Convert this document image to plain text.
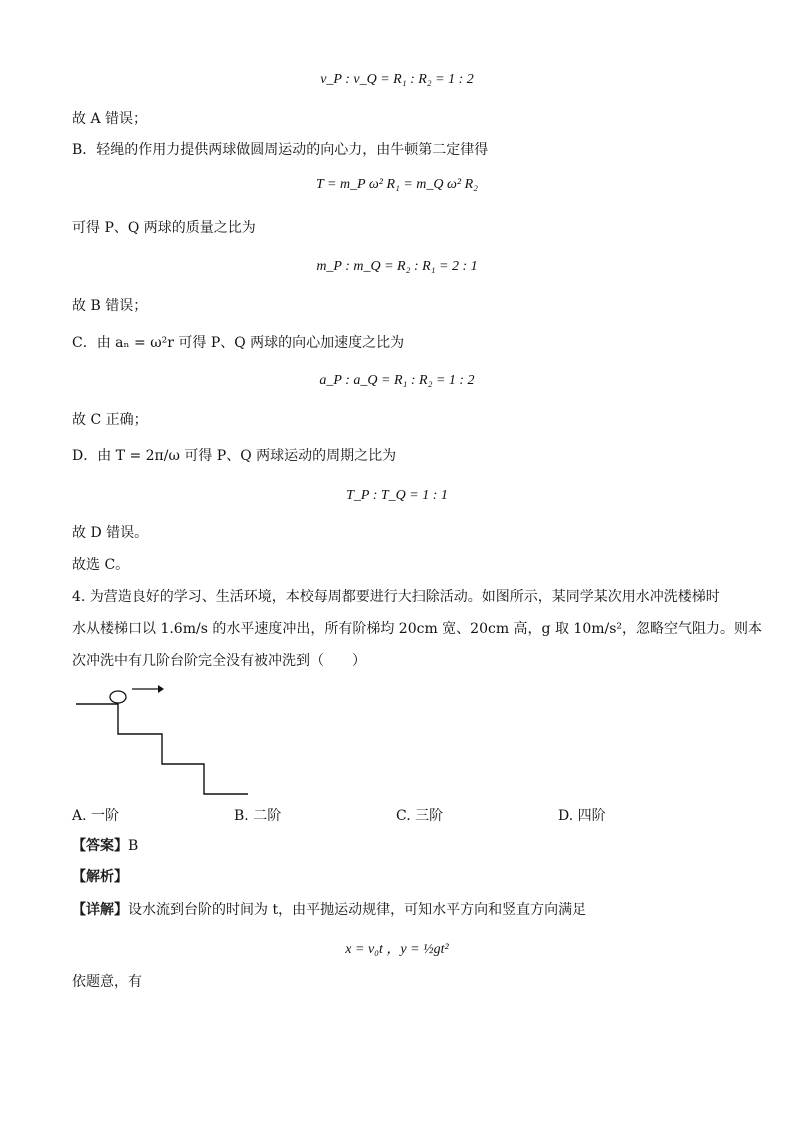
v_P : v_Q = R₁ : R₂ = 1 : 2
故 A 错误；
B．轻绳的作用力提供两球做圆周运动的向心力，由牛顿第二定律得
T = m_P ω² R₁ = m_Q ω² R₂
可得 P、Q 两球的质量之比为
m_P : m_Q = R₂ : R₁ = 2 : 1
故 B 错误；
C．由 aₙ = ω²r 可得 P、Q 两球的向心加速度之比为
a_P : a_Q = R₁ : R₂ = 1 : 2
故 C 正确；
D．由 T = 2π/ω 可得 P、Q 两球运动的周期之比为
T_P : T_Q = 1 : 1
故 D 错误。
故选 C。
4. 为营造良好的学习、生活环境，本校每周都要进行大扫除活动。如图所示，某同学某次用水冲洗楼梯时
水从楼梯口以 1.6m/s 的水平速度冲出，所有阶梯均 20cm 宽、20cm 高，g 取 10m/s²，忽略空气阻力。则本
次冲洗中有几阶台阶完全没有被冲洗到（　　）
A. 一阶	B. 二阶	C. 三阶	D. 四阶
【答案】B
【解析】
【详解】设水流到台阶的时间为 t，由平抛运动规律，可知水平方向和竖直方向满足
x = v₀t ，y = ½gt²
依题意，有
